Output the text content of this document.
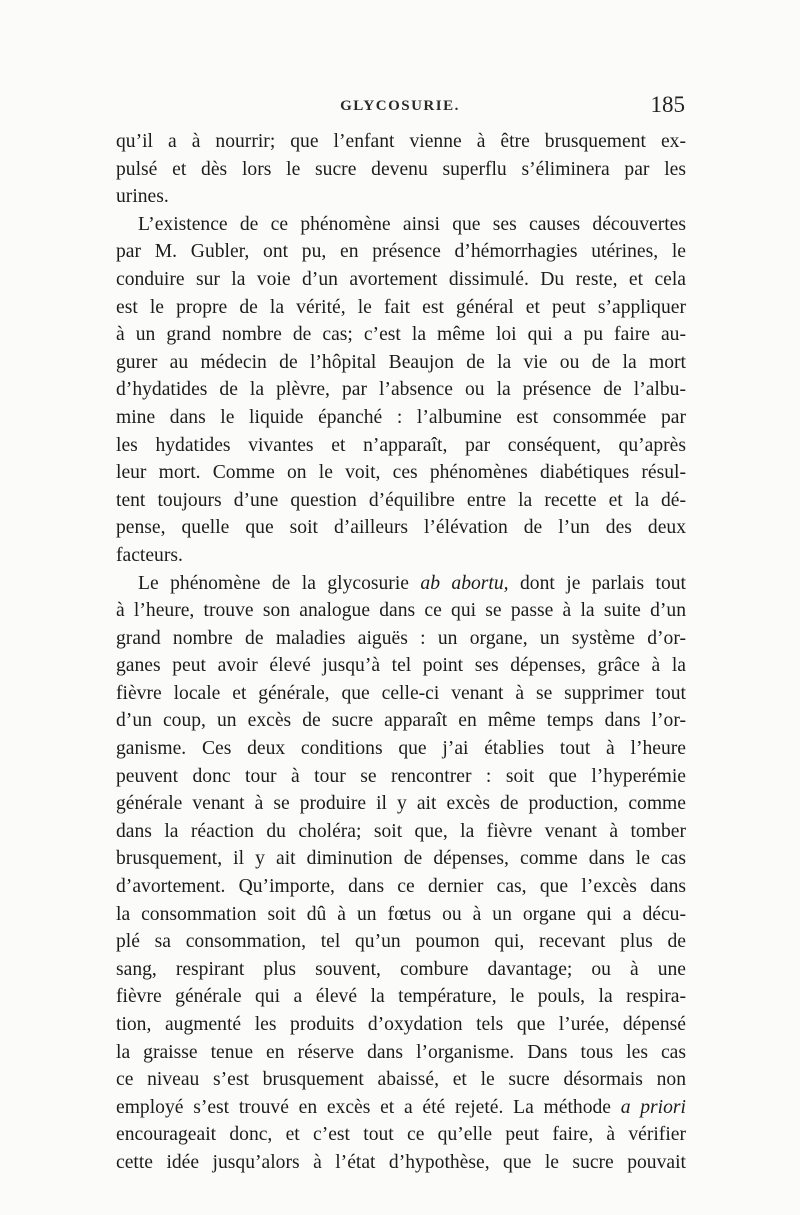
GLYCOSURIE.	185
qu’il a à nourrir; que l’enfant vienne à être brusquement ex-
pulsé et dès lors le sucre devenu superflu s’éliminera par les
urines.
L’existence de ce phénomène ainsi que ses causes découvertes
par M. Gubler, ont pu, en présence d’hémorrhagies utérines, le
conduire sur la voie d’un avortement dissimulé. Du reste, et cela
est le propre de la vérité, le fait est général et peut s’appliquer
à un grand nombre de cas; c’est la même loi qui a pu faire au-
gurer au médecin de l’hôpital Beaujon de la vie ou de la mort
d’hydatides de la plèvre, par l’absence ou la présence de l’albu-
mine dans le liquide épanché : l’albumine est consommée par
les hydatides vivantes et n’apparaît, par conséquent, qu’après
leur mort. Comme on le voit, ces phénomènes diabétiques résul-
tent toujours d’une question d’équilibre entre la recette et la dé-
pense, quelle que soit d’ailleurs l’élévation de l’un des deux
facteurs.
Le phénomène de la glycosurie ab abortu, dont je parlais tout
à l’heure, trouve son analogue dans ce qui se passe à la suite d’un
grand nombre de maladies aiguës : un organe, un système d’or-
ganes peut avoir élevé jusqu’à tel point ses dépenses, grâce à la
fièvre locale et générale, que celle-ci venant à se supprimer tout
d’un coup, un excès de sucre apparaît en même temps dans l’or-
ganisme. Ces deux conditions que j’ai établies tout à l’heure
peuvent donc tour à tour se rencontrer : soit que l’hyperémie
générale venant à se produire il y ait excès de production, comme
dans la réaction du choléra; soit que, la fièvre venant à tomber
brusquement, il y ait diminution de dépenses, comme dans le cas
d’avortement. Qu’importe, dans ce dernier cas, que l’excès dans
la consommation soit dû à un fœtus ou à un organe qui a décu-
plé sa consommation, tel qu’un poumon qui, recevant plus de
sang, respirant plus souvent, combure davantage; ou à une
fièvre générale qui a élevé la température, le pouls, la respira-
tion, augmenté les produits d’oxydation tels que l’urée, dépensé
la graisse tenue en réserve dans l’organisme. Dans tous les cas
ce niveau s’est brusquement abaissé, et le sucre désormais non
employé s’est trouvé en excès et a été rejeté. La méthode a priori
encourageait donc, et c’est tout ce qu’elle peut faire, à vérifier
cette idée jusqu’alors à l’état d’hypothèse, que le sucre pouvait
